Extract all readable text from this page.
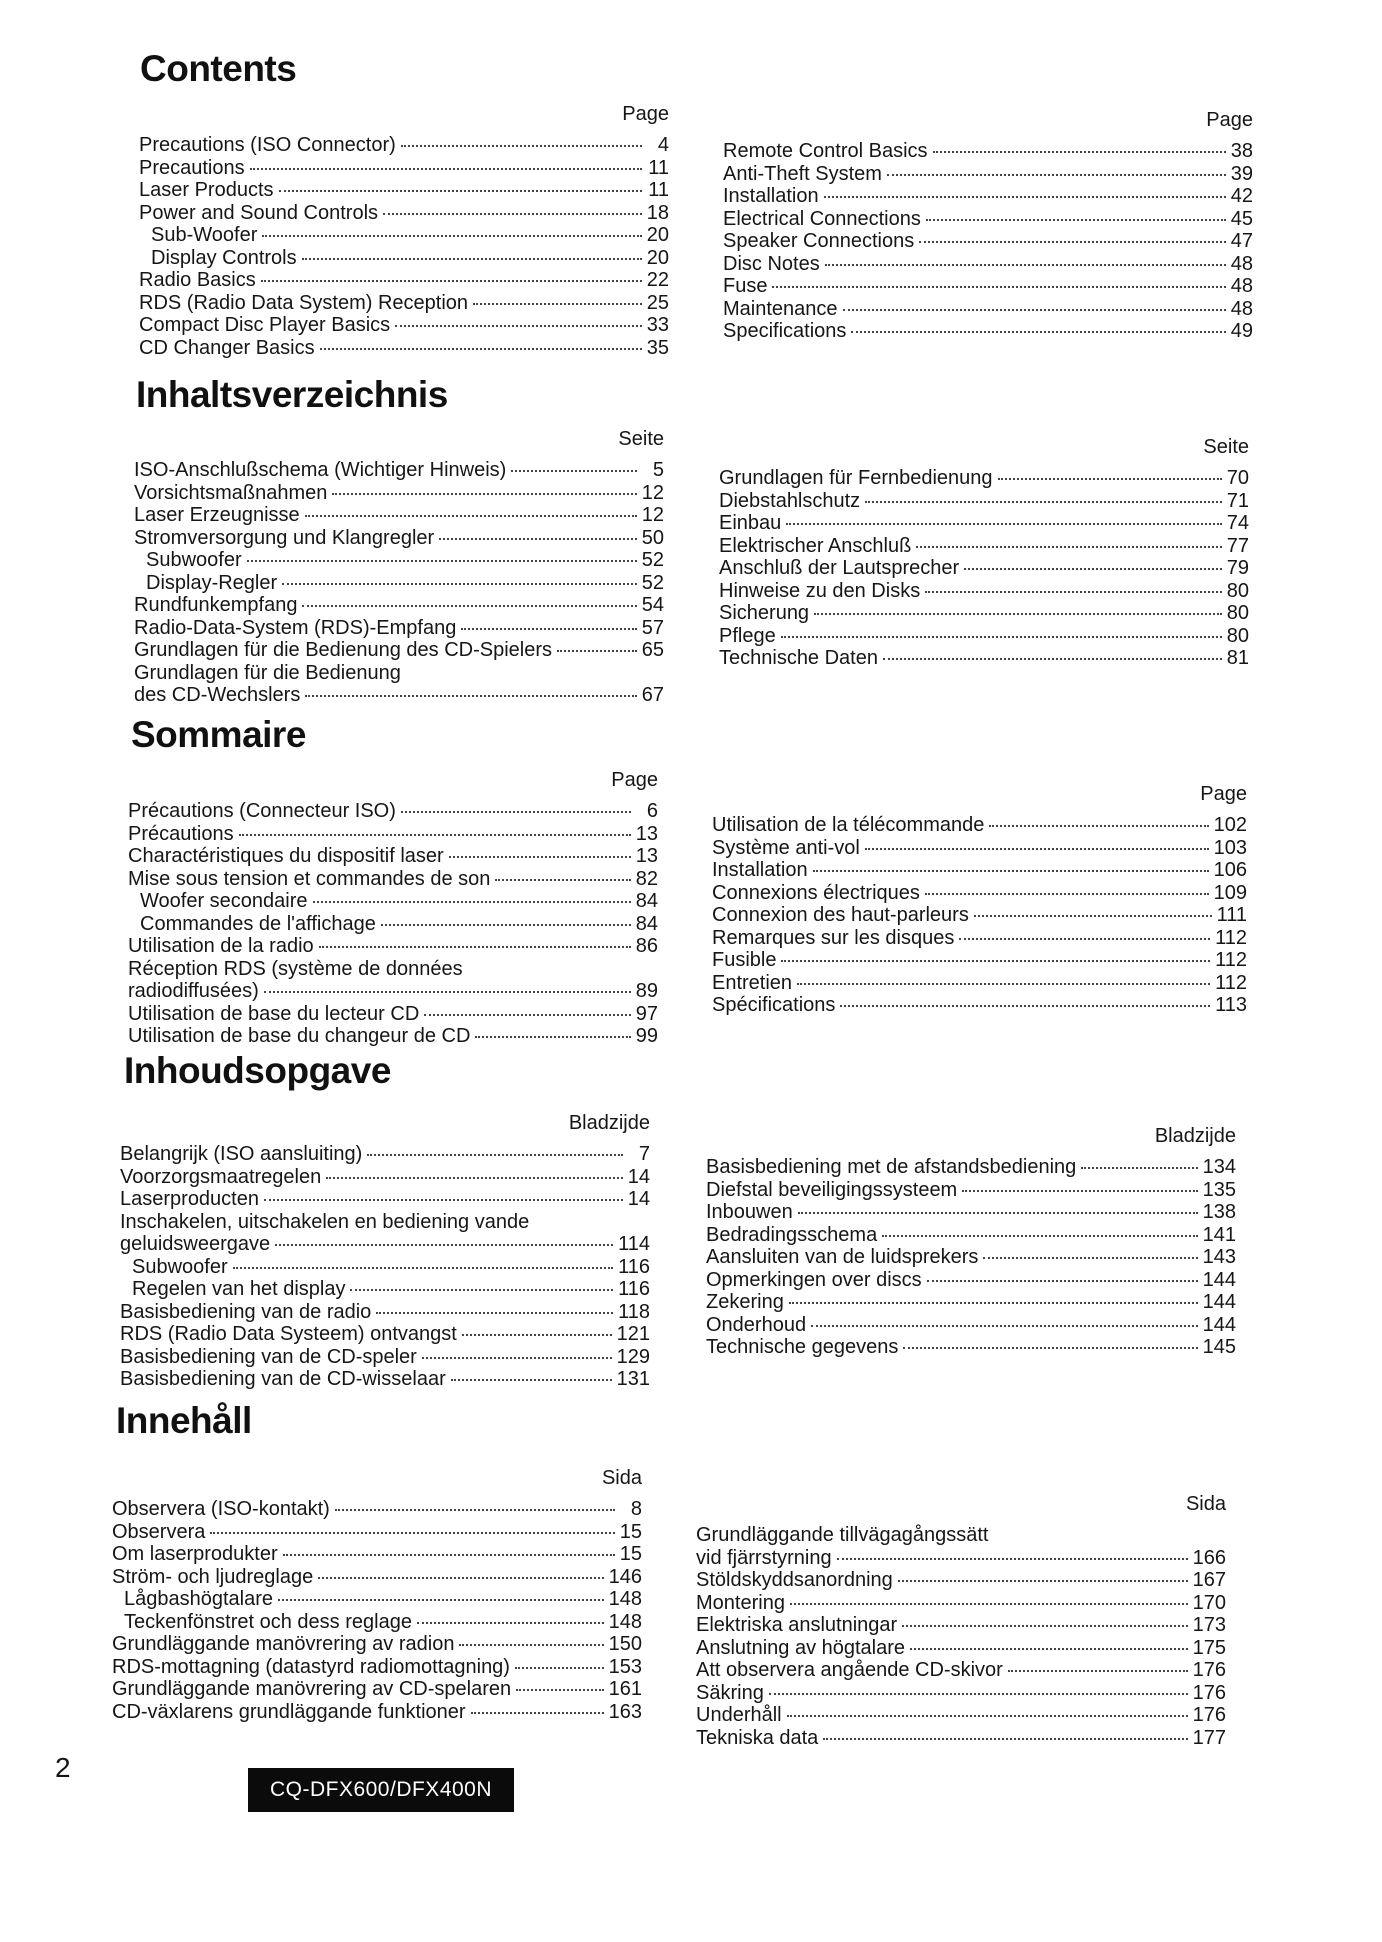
Contents
Page
Precautions (ISO Connector)	4
Precautions	11
Laser Products	11
Power and Sound Controls	18
Sub-Woofer	20
Display Controls	20
Radio Basics	22
RDS (Radio Data System) Reception	25
Compact Disc Player Basics	33
CD Changer Basics	35
Page
Remote Control Basics	38
Anti-Theft System	39
Installation	42
Electrical Connections	45
Speaker Connections	47
Disc Notes	48
Fuse	48
Maintenance	48
Specifications	49
Inhaltsverzeichnis
Seite
ISO-Anschlußschema (Wichtiger Hinweis)	5
Vorsichtsmaßnahmen	12
Laser Erzeugnisse	12
Stromversorgung und Klangregler	50
Subwoofer	52
Display-Regler	52
Rundfunkempfang	54
Radio-Data-System (RDS)-Empfang	57
Grundlagen für die Bedienung des CD-Spielers	65
Grundlagen für die Bedienung
des CD-Wechslers	67
Seite
Grundlagen für Fernbedienung	70
Diebstahlschutz	71
Einbau	74
Elektrischer Anschluß	77
Anschluß der Lautsprecher	79
Hinweise zu den Disks	80
Sicherung	80
Pflege	80
Technische Daten	81
Sommaire
Page
Précautions (Connecteur ISO)	6
Précautions	13
Charactéristiques du dispositif laser	13
Mise sous tension et commandes de son	82
Woofer secondaire	84
Commandes de l'affichage	84
Utilisation de la radio	86
Réception RDS (système de données
radiodiffusées)	89
Utilisation de base du lecteur CD	97
Utilisation de base du changeur de CD	99
Page
Utilisation de la télécommande	102
Système anti-vol	103
Installation	106
Connexions électriques	109
Connexion des haut-parleurs	111
Remarques sur les disques	112
Fusible	112
Entretien	112
Spécifications	113
Inhoudsopgave
Bladzijde
Belangrijk (ISO aansluiting)	7
Voorzorgsmaatregelen	14
Laserproducten	14
Inschakelen, uitschakelen en bediening vande
geluidsweergave	114
Subwoofer	116
Regelen van het display	116
Basisbediening van de radio	118
RDS (Radio Data Systeem) ontvangst	121
Basisbediening van de CD-speler	129
Basisbediening van de CD-wisselaar	131
Bladzijde
Basisbediening met de afstandsbediening	134
Diefstal beveiligingssysteem	135
Inbouwen	138
Bedradingsschema	141
Aansluiten van de luidsprekers	143
Opmerkingen over discs	144
Zekering	144
Onderhoud	144
Technische gegevens	145
Innehåll
Sida
Observera (ISO-kontakt)	8
Observera	15
Om laserprodukter	15
Ström- och ljudreglage	146
Lågbashögtalare	148
Teckenfönstret och dess reglage	148
Grundläggande manövrering av radion	150
RDS-mottagning (datastyrd radiomottagning)	153
Grundläggande manövrering av CD-spelaren	161
CD-växlarens grundläggande funktioner	163
Sida
Grundläggande tillvägagångssätt
vid fjärrstyrning	166
Stöldskyddsanordning	167
Montering	170
Elektriska anslutningar	173
Anslutning av högtalare	175
Att observera angående CD-skivor	176
Säkring	176
Underhåll	176
Tekniska data	177

2

CQ-DFX600/DFX400N
